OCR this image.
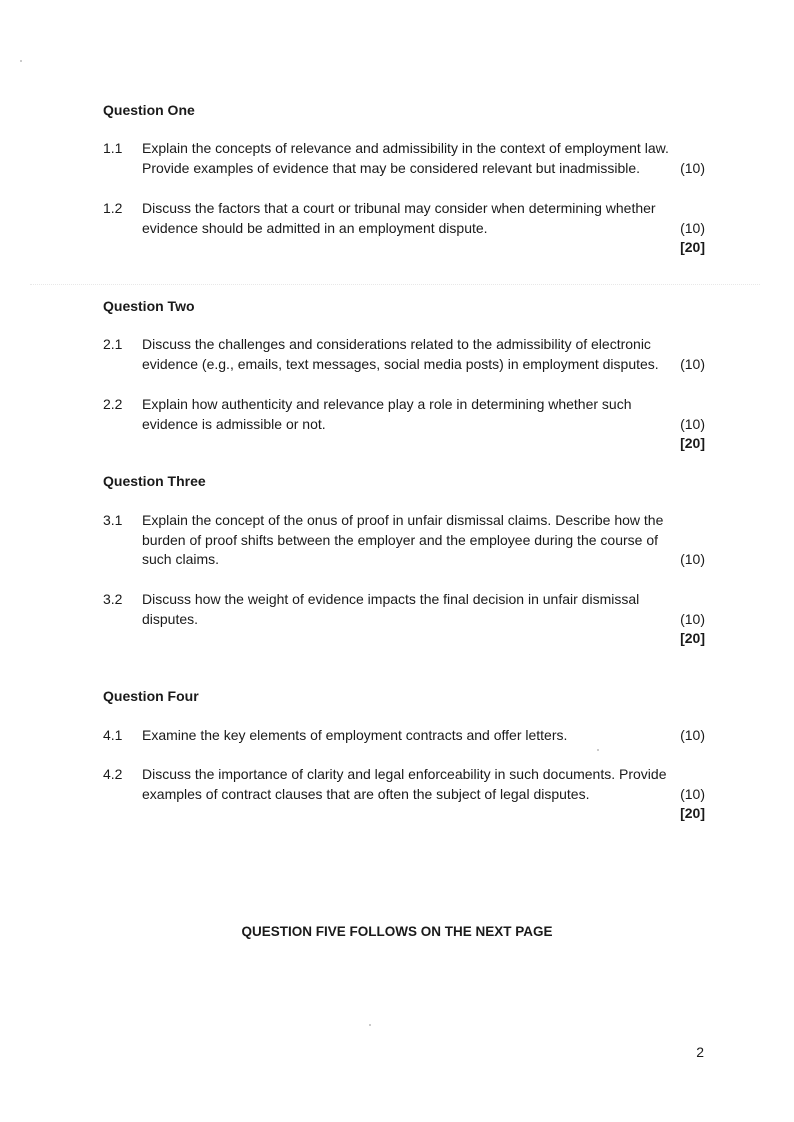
Question One
1.1	Explain the concepts of relevance and admissibility in the context of employment law.
Provide examples of evidence that may be considered relevant but inadmissible.	(10)
1.2	Discuss the factors that a court or tribunal may consider when determining whether
evidence should be admitted in an employment dispute.	(10)
[20]
Question Two
2.1	Discuss the challenges and considerations related to the admissibility of electronic
evidence (e.g., emails, text messages, social media posts) in employment disputes. (10)
2.2	Explain how authenticity and relevance play a role in determining whether such
evidence is admissible or not.	(10)
[20]
Question Three
3.1	Explain the concept of the onus of proof in unfair dismissal claims. Describe how the
burden of proof shifts between the employer and the employee during the course of
such claims.	(10)
3.2	Discuss how the weight of evidence impacts the final decision in unfair dismissal
disputes.	(10)
[20]
Question Four
4.1	Examine the key elements of employment contracts and offer letters.	(10)
4.2	Discuss the importance of clarity and legal enforceability in such documents. Provide
examples of contract clauses that are often the subject of legal disputes.	(10)
[20]
QUESTION FIVE FOLLOWS ON THE NEXT PAGE
2
